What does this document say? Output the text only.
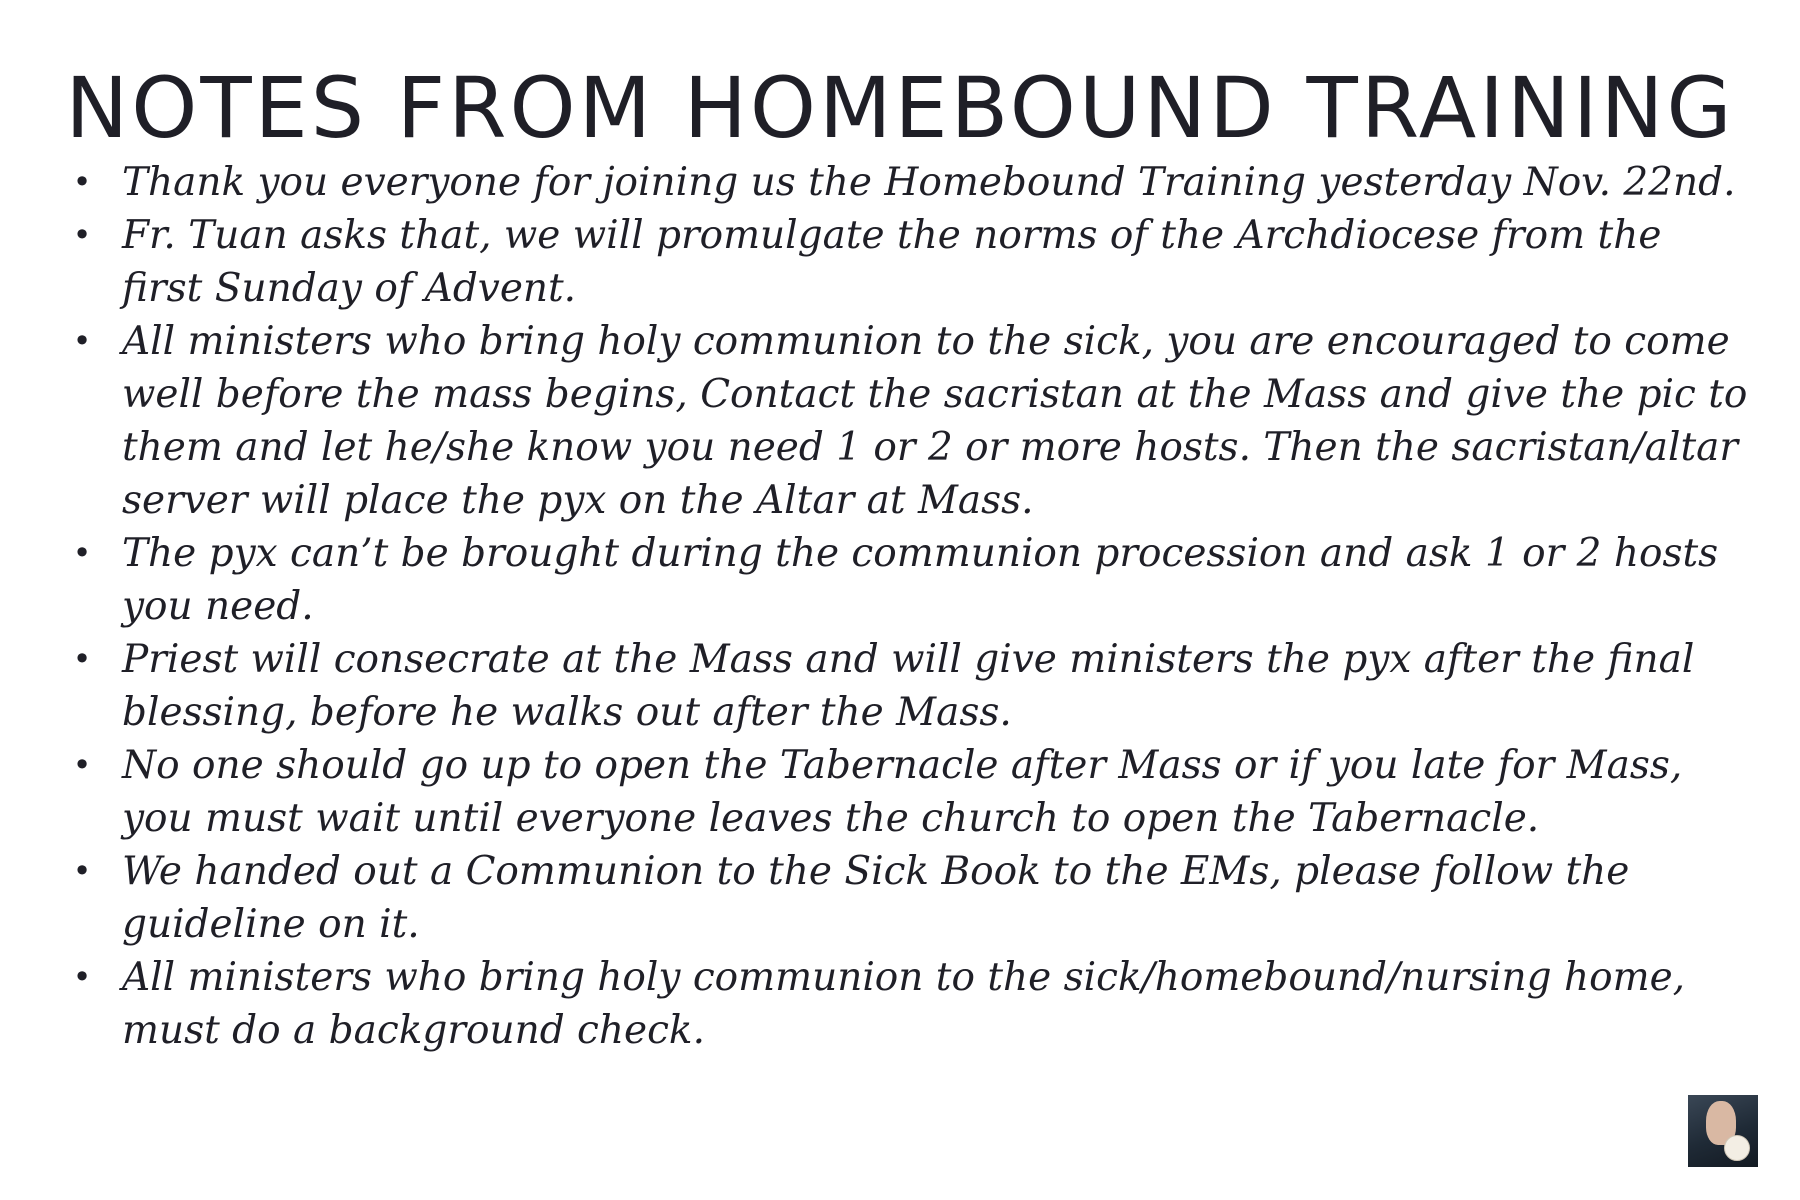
NOTES FROM HOMEBOUND TRAINING
• Thank you everyone for joining us the Homebound Training yesterday Nov. 22nd.
• Fr. Tuan asks that, we will promulgate the norms of the Archdiocese from the first Sunday of Advent.
• All ministers who bring holy communion to the sick, you are encouraged to come well before the mass begins, Contact the sacristan at the Mass and give the pic to them and let he/she know you need 1 or 2 or more hosts. Then the sacristan/altar server will place the pyx on the Altar at Mass.
• The pyx can’t be brought during the communion procession and ask 1 or 2 hosts you need.
• Priest will consecrate at the Mass and will give ministers the pyx after the final blessing, before he walks out after the Mass.
• No one should go up to open the Tabernacle after Mass or if you late for Mass, you must wait until everyone leaves the church to open the Tabernacle.
• We handed out a Communion to the Sick Book to the EMs, please follow the guideline on it.
• All ministers who bring holy communion to the sick/homebound/nursing home, must do a background check.
